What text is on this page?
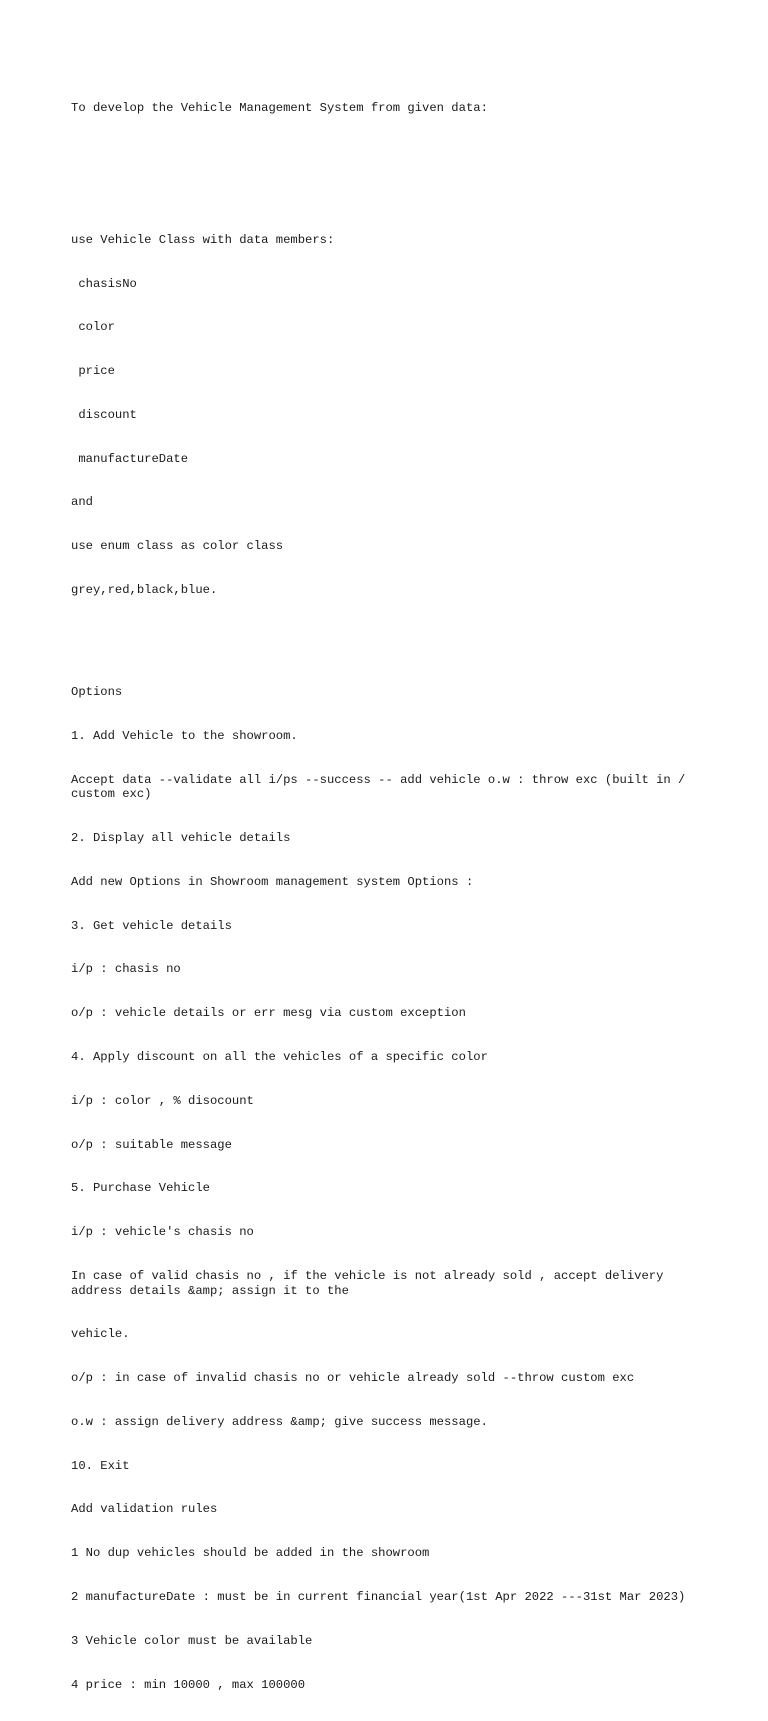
To develop the Vehicle Management System from given data:

use Vehicle Class with data members:

chasisNo

color

price

discount

manufactureDate

and

use enum class as color class

grey,red,black,blue.

Options

1. Add Vehicle to the showroom.

Accept data --validate all i/ps --success -- add vehicle o.w : throw exc (built in / custom exc)

2. Display all vehicle details

Add new Options in Showroom management system Options :

3. Get vehicle details

i/p : chasis no

o/p : vehicle details or err mesg via custom exception

4. Apply discount on all the vehicles of a specific color

i/p : color , % disocount

o/p : suitable message

5. Purchase Vehicle

i/p : vehicle's chasis no

In case of valid chasis no , if the vehicle is not already sold , accept delivery address details &amp; assign it to the

vehicle.

o/p : in case of invalid chasis no or vehicle already sold --throw custom exc

o.w : assign delivery address &amp; give success message.

10. Exit

Add validation rules

1 No dup vehicles should be added in the showroom

2 manufactureDate : must be in current financial year(1st Apr 2022 ---31st Mar 2023)

3 Vehicle color must be available

4 price : min 10000 , max 100000
